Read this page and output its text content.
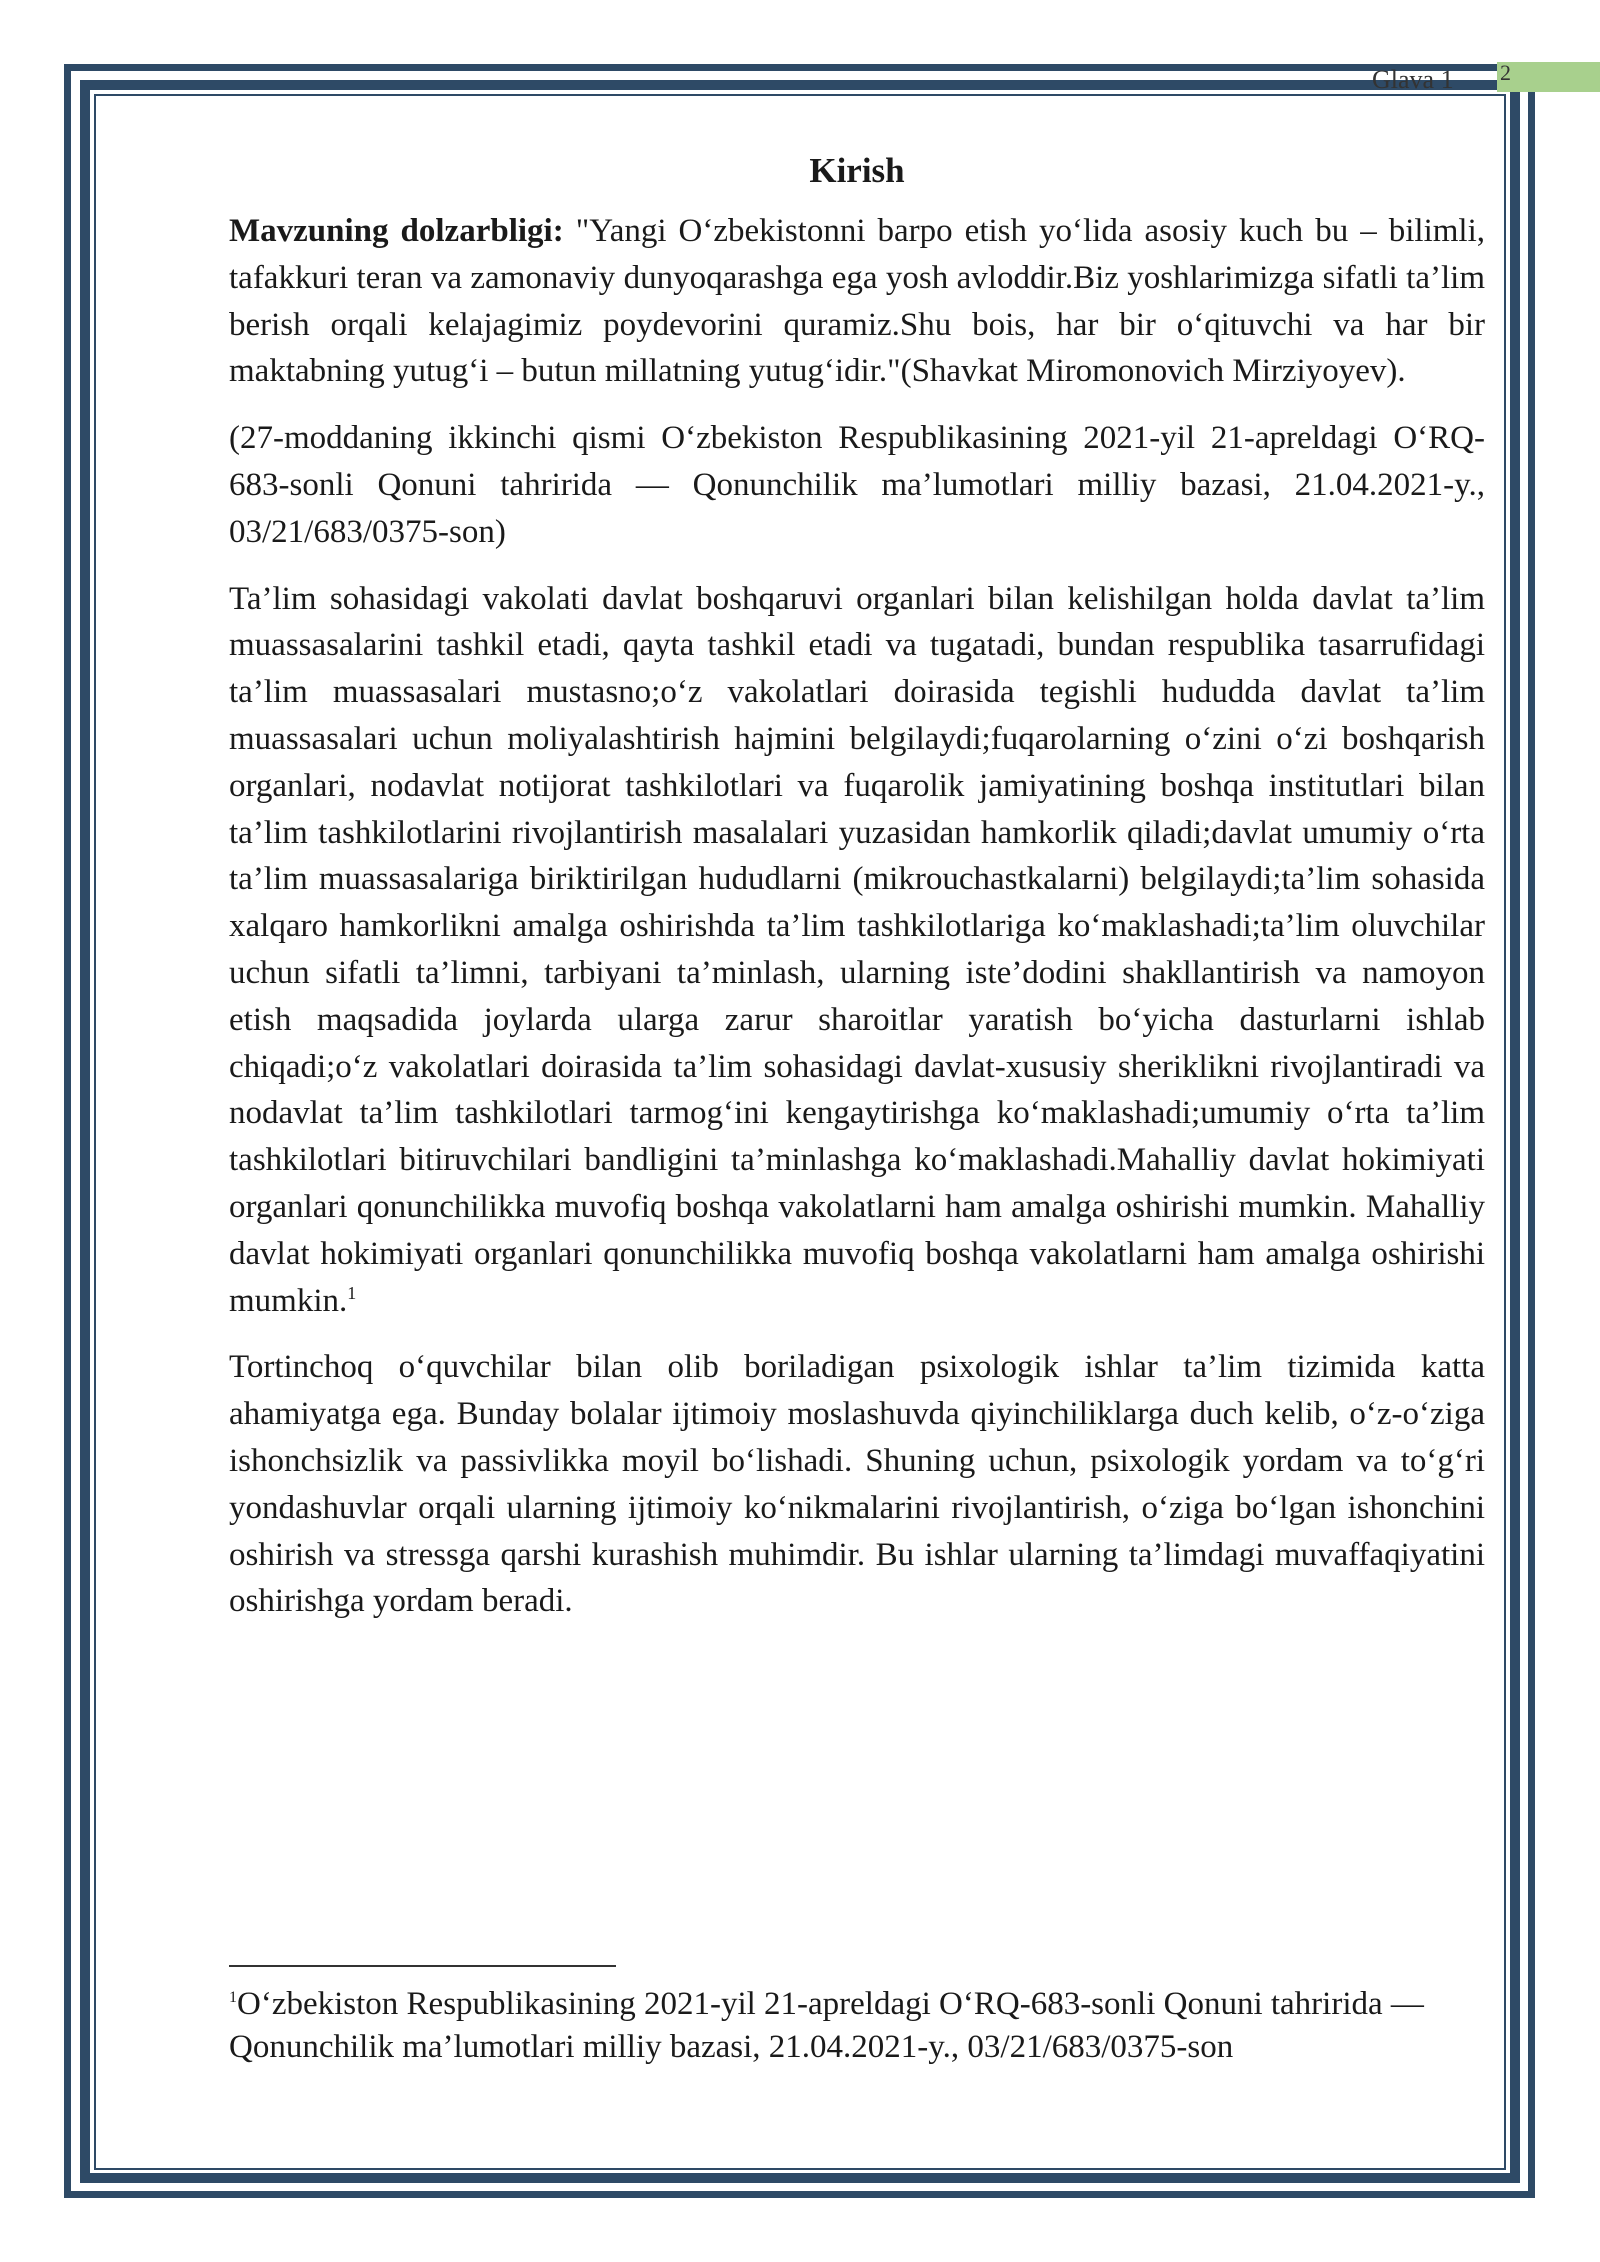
Glava 1 2
Kirish

Mavzuning dolzarbligi: "Yangi O‘zbekistonni barpo etish yo‘lida asosiy kuch bu – bilimli, tafakkuri teran va zamonaviy dunyoqarashga ega yosh avloddir.Biz yoshlarimizga sifatli ta’lim berish orqali kelajagimiz poydevorini quramiz.Shu bois, har bir o‘qituvchi va har bir maktabning yutug‘i – butun millatning yutug‘idir."(Shavkat Miromonovich Mirziyoyev).

(27-moddaning ikkinchi qismi O‘zbekiston Respublikasining 2021-yil 21-apreldagi O‘RQ-683-sonli Qonuni tahririda — Qonunchilik ma’lumotlari milliy bazasi, 21.04.2021-y., 03/21/683/0375-son)

Ta’lim sohasidagi vakolati davlat boshqaruvi organlari bilan kelishilgan holda davlat ta’lim muassasalarini tashkil etadi, qayta tashkil etadi va tugatadi, bundan respublika tasarrufidagi ta’lim muassasalari mustasno;o‘z vakolatlari doirasida tegishli hududda davlat ta’lim muassasalari uchun moliyalashtirish hajmini belgilaydi;fuqarolarning o‘zini o‘zi boshqarish organlari, nodavlat notijorat tashkilotlari va fuqarolik jamiyatining boshqa institutlari bilan ta’lim tashkilotlarini rivojlantirish masalalari yuzasidan hamkorlik qiladi;davlat umumiy o‘rta ta’lim muassasalariga biriktirilgan hududlarni (mikrouchastkalarni) belgilaydi;ta’lim sohasida xalqaro hamkorlikni amalga oshirishda ta’lim tashkilotlariga ko‘maklashadi;ta’lim oluvchilar uchun sifatli ta’limni, tarbiyani ta’minlash, ularning iste’dodini shakllantirish va namoyon etish maqsadida joylarda ularga zarur sharoitlar yaratish bo‘yicha dasturlarni ishlab chiqadi;o‘z vakolatlari doirasida ta’lim sohasidagi davlat-xususiy sheriklikni rivojlantiradi va nodavlat ta’lim tashkilotlari tarmog‘ini kengaytirishga ko‘maklashadi;umumiy o‘rta ta’lim tashkilotlari bitiruvchilari bandligini ta’minlashga ko‘maklashadi.Mahalliy davlat hokimiyati organlari qonunchilikka muvofiq boshqa vakolatlarni ham amalga oshirishi mumkin. Mahalliy davlat hokimiyati organlari qonunchilikka muvofiq boshqa vakolatlarni ham amalga oshirishi mumkin.$^1$

Tortinchoq o‘quvchilar bilan olib boriladigan psixologik ishlar ta’lim tizimida katta ahamiyatga ega. Bunday bolalar ijtimoiy moslashuvda qiyinchiliklarga duch kelib, o‘z-o‘ziga ishonchsizlik va passivlikka moyil bo‘lishadi. Shuning uchun, psixologik yordam va to‘g‘ri yondashuvlar orqali ularning ijtimoiy ko‘nikmalarini rivojlantirish, o‘ziga bo‘lgan ishonchini oshirish va stressga qarshi kurashish muhimdir. Bu ishlar ularning ta’limdagi muvaffaqiyatini oshirishga yordam beradi.

$^1$O‘zbekiston Respublikasining 2021-yil 21-apreldagi O‘RQ-683-sonli Qonuni tahririda — Qonunchilik ma’lumotlari milliy bazasi, 21.04.2021-y., 03/21/683/0375-son
